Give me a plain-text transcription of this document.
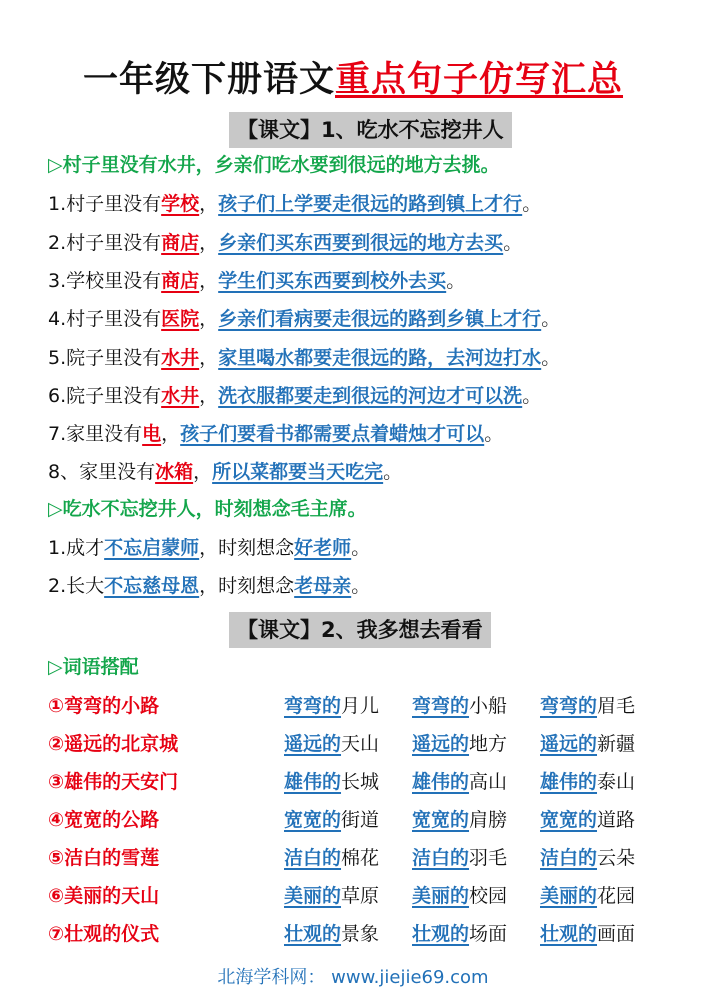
一年级下册语文重点句子仿写汇总
【课文】1、吃水不忘挖井人
▷村子里没有水井，乡亲们吃水要到很远的地方去挑。
1.村子里没有学校，孩子们上学要走很远的路到镇上才行。
2.村子里没有商店，乡亲们买东西要到很远的地方去买。
3.学校里没有商店，学生们买东西要到校外去买。
4.村子里没有医院，乡亲们看病要走很远的路到乡镇上才行。
5.院子里没有水井，家里喝水都要走很远的路，去河边打水。
6.院子里没有水井，洗衣服都要走到很远的河边才可以洗。
7.家里没有电，孩子们要看书都需要点着蜡烛才可以。
8、家里没有冰箱，所以菜都要当天吃完。
▷吃水不忘挖井人，时刻想念毛主席。
1.成才不忘启蒙师，时刻想念好老师。
2.长大不忘慈母恩，时刻想念老母亲。
【课文】2、我多想去看看
▷词语搭配
①弯弯的小路	弯弯的月儿 弯弯的小船 弯弯的眉毛
②遥远的北京城	遥远的天山 遥远的地方 遥远的新疆
③雄伟的天安门	雄伟的长城 雄伟的高山 雄伟的泰山
④宽宽的公路	宽宽的街道 宽宽的肩膀 宽宽的道路
⑤洁白的雪莲	洁白的棉花 洁白的羽毛 洁白的云朵
⑥美丽的天山	美丽的草原 美丽的校园 美丽的花园
⑦壮观的仪式	壮观的景象 壮观的场面 壮观的画面
北海学科网： www.jiejie69.com
